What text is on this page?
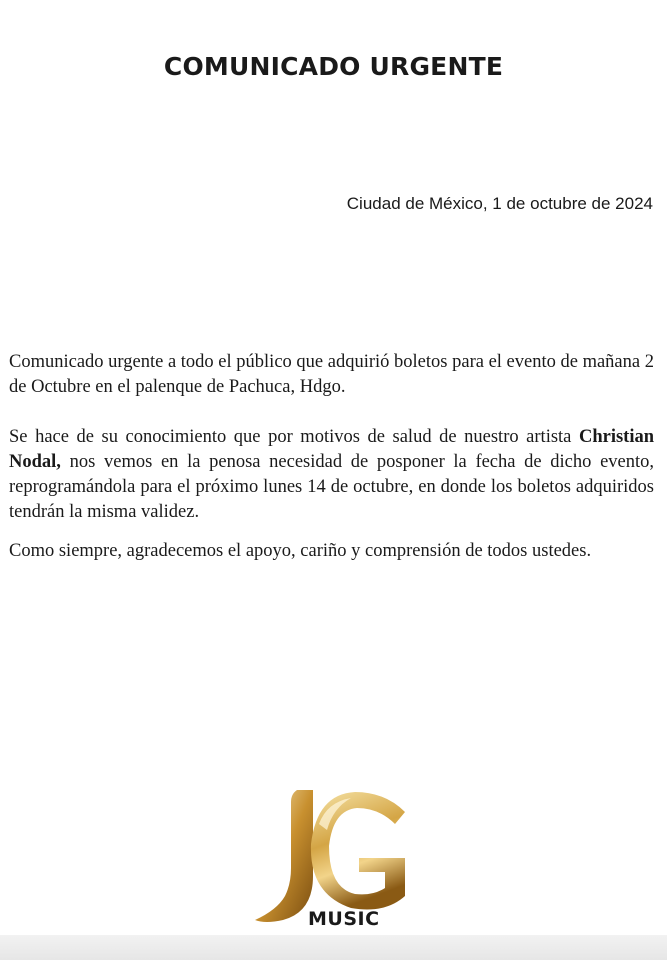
COMUNICADO URGENTE
Ciudad de México, 1 de octubre de 2024

Comunicado urgente a todo el público que adquirió boletos para el evento de mañana 2 de Octubre en el palenque de Pachuca, Hdgo.

Se hace de su conocimiento que por motivos de salud de nuestro artista Christian Nodal, nos vemos en la penosa necesidad de posponer la fecha de dicho evento, reprogramándola para el próximo lunes 14 de octubre, en donde los boletos adquiridos tendrán la misma validez.

Como siempre, agradecemos el apoyo, cariño y comprensión de todos ustedes.

MUSIC
